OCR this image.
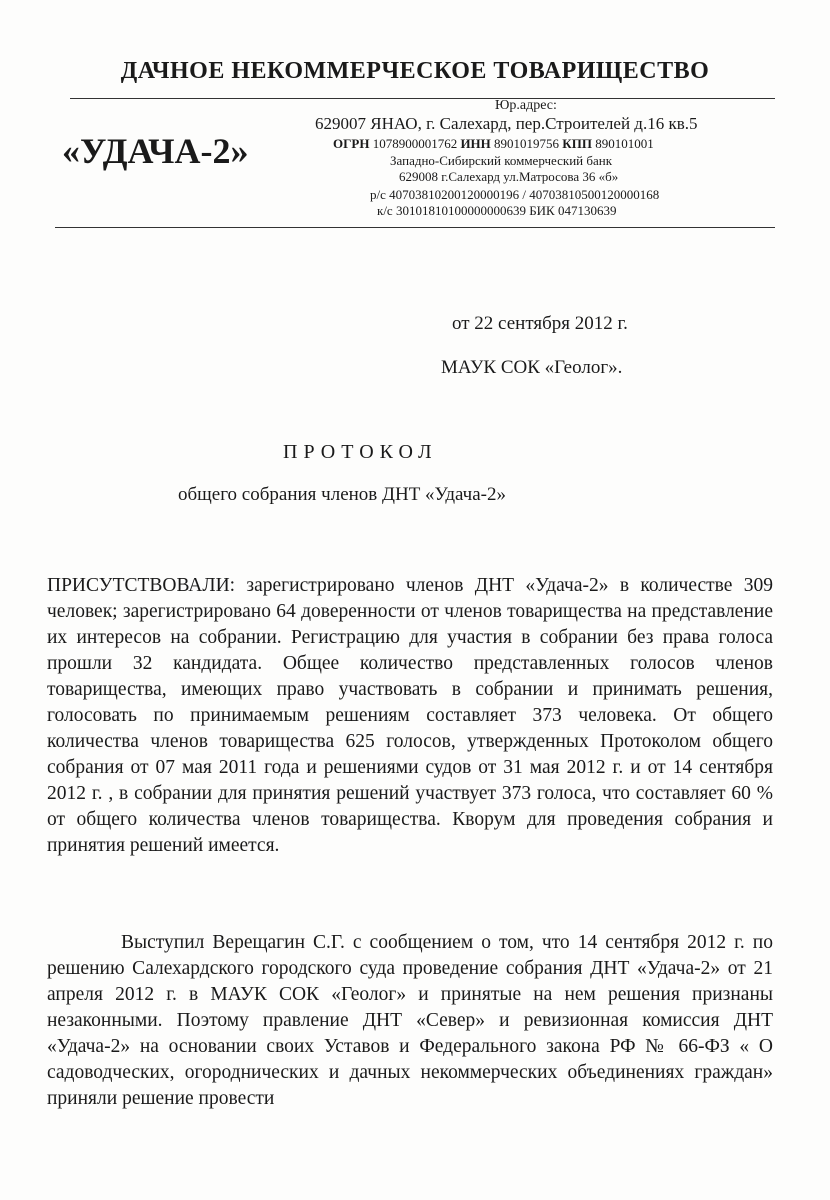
ДАЧНОЕ НЕКОММЕРЧЕСКОЕ ТОВАРИЩЕСТВО
«УДАЧА-2»
Юр.адрес:
629007 ЯНАО, г. Салехард, пер.Строителей д.16 кв.5
ОГРН 1078900001762 ИНН 8901019756 КПП 890101001
Западно-Сибирский коммерческий банк
629008 г.Салехард ул.Матросова 36 «б»
р/с 40703810200120000196 / 40703810500120000168
к/с 30101810100000000639 БИК 047130639
от 22 сентября 2012 г.
МАУК СОК «Геолог».
ПРОТОКОЛ
общего собрания членов ДНТ «Удача-2»
ПРИСУТСТВОВАЛИ: зарегистрировано членов ДНТ «Удача-2» в количестве 309 человек; зарегистрировано 64 доверенности от членов товарищества на представление их интересов на собрании. Регистрацию для участия в собрании без права голоса прошли 32 кандидата. Общее количество представленных голосов членов товарищества, имеющих право участвовать в собрании и принимать решения, голосовать по принимаемым решениям составляет 373 человека. От общего количества членов товарищества 625 голосов, утвержденных Протоколом общего собрания от 07 мая 2011 года и решениями судов от 31 мая 2012 г. и от 14 сентября 2012 г. , в собрании для принятия решений участвует 373 голоса, что составляет 60 % от общего количества членов товарищества. Кворум для проведения собрания и принятия решений имеется.
Выступил Верещагин С.Г. с сообщением о том, что 14 сентября 2012 г. по решению Салехардского городского суда проведение собрания ДНТ «Удача-2» от 21 апреля 2012 г. в МАУК СОК «Геолог» и принятые на нем решения признаны незаконными. Поэтому правление ДНТ «Север» и ревизионная комиссия ДНТ «Удача-2» на основании своих Уставов и Федерального закона РФ № 66-ФЗ « О садоводческих, огороднических и дачных некоммерческих объединениях граждан» приняли решение провести
